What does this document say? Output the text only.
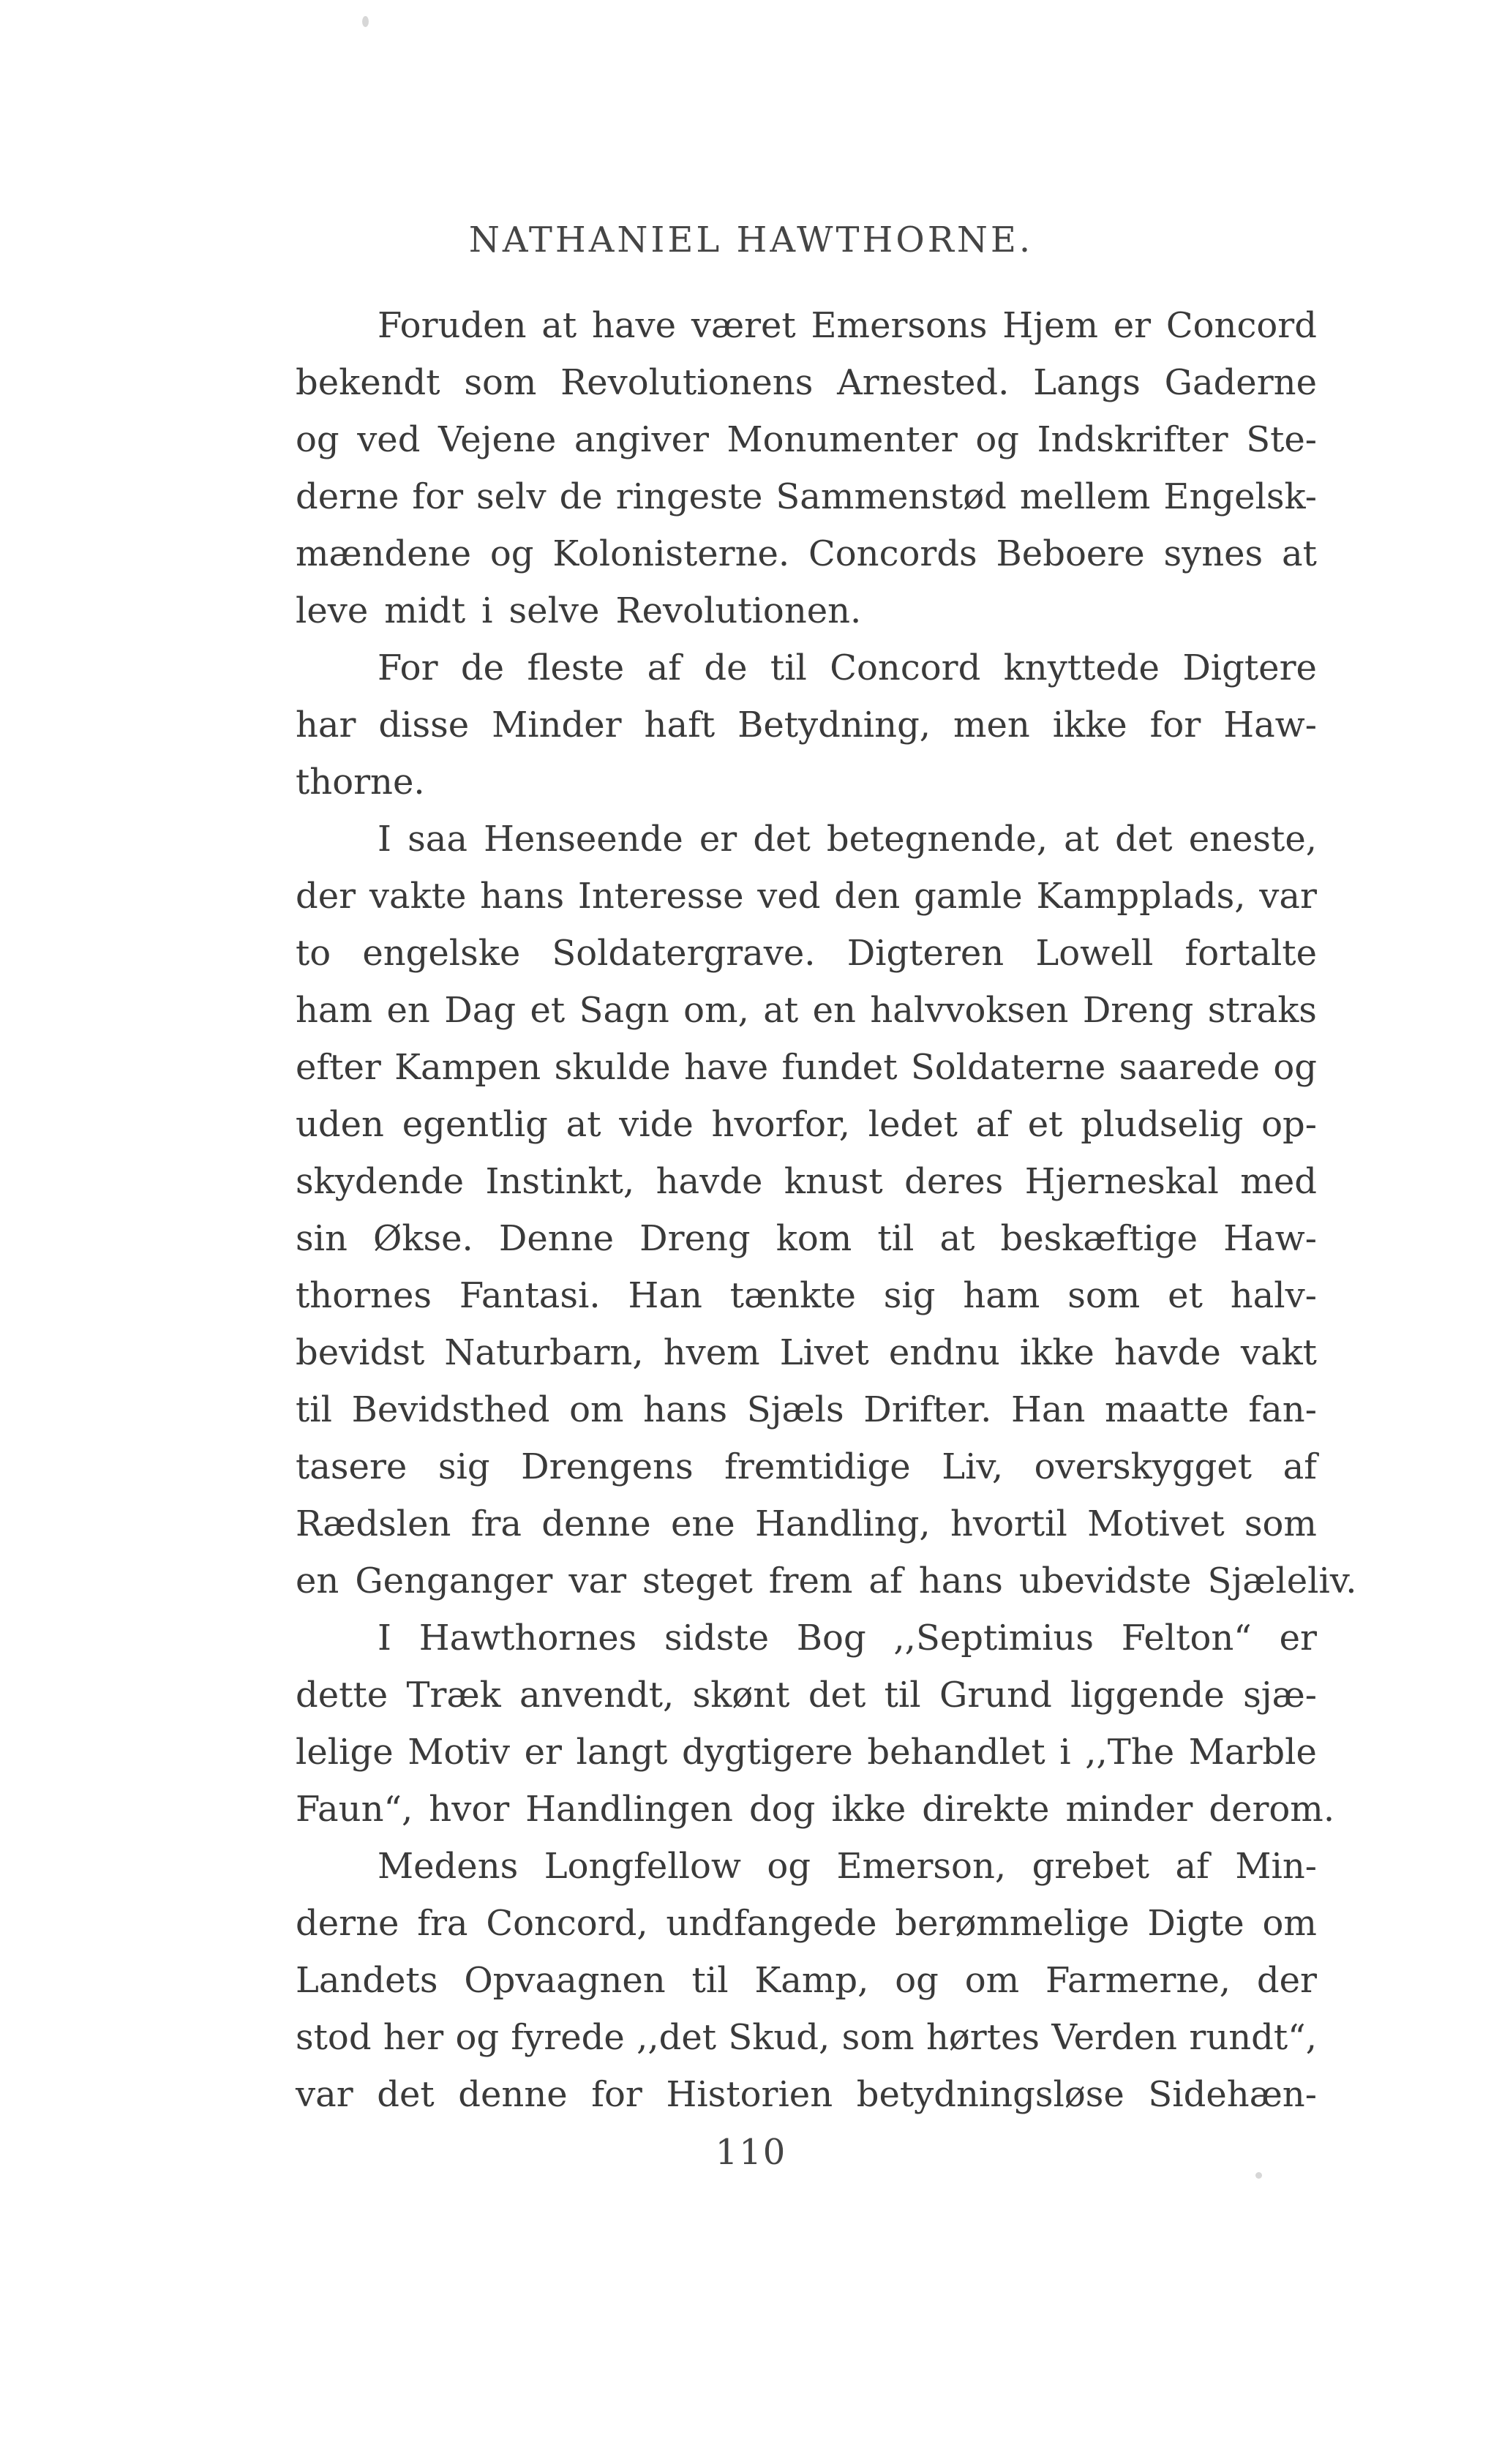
NATHANIEL HAWTHORNE.
Foruden at have været Emersons Hjem er Concord
bekendt som Revolutionens Arnested. Langs Gaderne
og ved Vejene angiver Monumenter og Indskrifter Ste-
derne for selv de ringeste Sammenstød mellem Engelsk-
mændene og Kolonisterne. Concords Beboere synes at
leve midt i selve Revolutionen.
For de fleste af de til Concord knyttede Digtere
har disse Minder haft Betydning, men ikke for Haw-
thorne.
I saa Henseende er det betegnende, at det eneste,
der vakte hans Interesse ved den gamle Kampplads, var
to engelske Soldatergrave. Digteren Lowell fortalte
ham en Dag et Sagn om, at en halvvoksen Dreng straks
efter Kampen skulde have fundet Soldaterne saarede og
uden egentlig at vide hvorfor, ledet af et pludselig op-
skydende Instinkt, havde knust deres Hjerneskal med
sin Økse. Denne Dreng kom til at beskæftige Haw-
thornes Fantasi. Han tænkte sig ham som et halv-
bevidst Naturbarn, hvem Livet endnu ikke havde vakt
til Bevidsthed om hans Sjæls Drifter. Han maatte fan-
tasere sig Drengens fremtidige Liv, overskygget af
Rædslen fra denne ene Handling, hvortil Motivet som
en Genganger var steget frem af hans ubevidste Sjæleliv.
I Hawthornes sidste Bog ,,Septimius Felton“ er
dette Træk anvendt, skønt det til Grund liggende sjæ-
lelige Motiv er langt dygtigere behandlet i ,,The Marble
Faun“, hvor Handlingen dog ikke direkte minder derom.
Medens Longfellow og Emerson, grebet af Min-
derne fra Concord, undfangede berømmelige Digte om
Landets Opvaagnen til Kamp, og om Farmerne, der
stod her og fyrede ,,det Skud, som hørtes Verden rundt“,
var det denne for Historien betydningsløse Sidehæn-
110
